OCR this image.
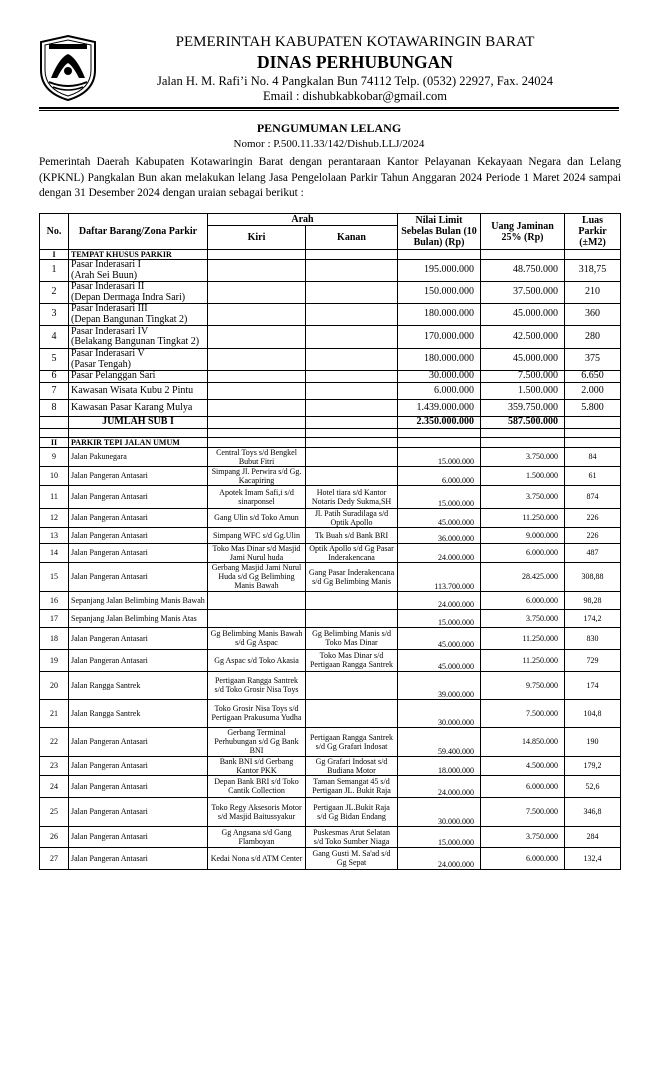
PEMERINTAH KABUPATEN KOTAWARINGIN BARAT
DINAS PERHUBUNGAN
Jalan H. M. Rafi’i No. 4 Pangkalan Bun 74112 Telp. (0532) 22927, Fax. 24024
Email : dishubkabkobar@gmail.com
PENGUMUMAN LELANG
Nomor : P.500.11.33/142/Dishub.LLJ/2024
Pemerintah Daerah Kabupaten Kotawaringin Barat dengan perantaraan Kantor Pelayanan Kekayaan Negara dan Lelang (KPKNL) Pangkalan Bun akan melakukan lelang Jasa Pengelolaan Parkir Tahun Anggaran 2024 Periode 1 Maret 2024 sampai dengan 31 Desember 2024 dengan uraian sebagai berikut :
No.	Daftar Barang/Zona Parkir	Arah		Nilai Limit Sebelas Bulan (10 Bulan) (Rp)	Uang Jaminan 25% (Rp)	Luas Parkir (±M2)
		Kiri	Kanan			
I	TEMPAT KHUSUS PARKIR					
1	Pasar Inderasari I
(Arah Sei Buun)			195.000.000	48.750.000	318,75
2	Pasar Inderasari II
(Depan Dermaga Indra Sari)			150.000.000	37.500.000	210
3	Pasar Inderasari III
(Depan Bangunan Tingkat 2)			180.000.000	45.000.000	360
4	Pasar Inderasari IV
(Belakang Bangunan Tingkat 2)			170.000.000	42.500.000	280
5	Pasar Inderasari V
(Pasar Tengah)			180.000.000	45.000.000	375
6	Pasar Pelanggan Sari			30.000.000	7.500.000	6.650
7	Kawasan Wisata Kubu 2 Pintu			6.000.000	1.500.000	2.000
8	Kawasan Pasar Karang Mulya			1.439.000.000	359.750.000	5.800
	JUMLAH SUB I			2.350.000.000	587.500.000	

II	PARKIR TEPI JALAN UMUM					
9	Jalan Pakunegara	Central Toys s/d Bengkel Bubut Fitri		15.000.000	3.750.000	84
10	Jalan Pangeran Antasari	Simpang Jl. Perwira s/d Gg. Kacapiring		6.000.000	1.500.000	61
11	Jalan Pangeran Antasari	Apotek Imam Safi,i s/d sinarponsel	Hotel tiara s/d Kantor Notaris Dedy Sukma,SH	15.000.000	3.750.000	874
12	Jalan Pangeran Antasari	Gang Ulin s/d Toko Amun	Jl. Patih Suradilaga s/d Optik Apollo	45.000.000	11.250.000	226
13	Jalan Pangeran Antasari	Simpang WFC s/d Gg.Ulin	Tk Buah s/d Bank BRI	36.000.000	9.000.000	226
14	Jalan Pangeran Antasari	Toko Mas Dinar s/d Masjid Jami Nurul huda	Optik Apollo s/d Gg Pasar Inderakencana	24.000.000	6.000.000	487
15	Jalan Pangeran Antasari	Gerbang Masjid Jami Nurul Huda s/d Gg Belimbing Manis Bawah	Gang Pasar Inderakencana s/d Gg Belimbing Manis	113.700.000	28.425.000	308,88
16	Sepanjang Jalan Belimbing Manis Bawah			24.000.000	6.000.000	98,28
17	Sepanjang Jalan Belimbing Manis Atas			15.000.000	3.750.000	174,2
18	Jalan Pangeran Antasari	Gg Belimbing Manis Bawah s/d Gg Aspac	Gg Belimbing Manis s/d Toko Mas Dinar	45.000.000	11.250.000	830
19	Jalan Pangeran Antasari	Gg Aspac s/d Toko Akasia	Toko Mas Dinar s/d Pertigaan Rangga Santrek	45.000.000	11.250.000	729
20	Jalan Rangga Santrek	Pertigaan Rangga Santrek s/d Toko Grosir Nisa Toys		39.000.000	9.750.000	174
21	Jalan Rangga Santrek	Toko Grosir Nisa Toys s/d Pertigaan Prakusuma Yudha		30.000.000	7.500.000	104,8
22	Jalan Pangeran Antasari	Gerbang Terminal Perhubungan s/d Gg Bank BNI	Pertigaan Rangga Santrek s/d Gg Grafari Indosat	59.400.000	14.850.000	190
23	Jalan Pangeran Antasari	Bank BNI s/d Gerbang Kantor PKK	Gg Grafari Indosat s/d Budiana Motor	18.000.000	4.500.000	179,2
24	Jalan Pangeran Antasari	Depan Bank BRI s/d Toko Cantik Collection	Taman Semangat 45 s/d Pertigaan JL. Bukit Raja	24.000.000	6.000.000	52,6
25	Jalan Pangeran Antasari	Toko Regy Aksesoris Motor s/d Masjid Baitussyakur	Pertigaan JL.Bukit Raja s/d Gg Bidan Endang	30.000.000	7.500.000	346,8
26	Jalan Pangeran Antasari	Gg Angsana s/d Gang Flamboyan	Puskesmas Arut Selatan s/d Toko Sumber Niaga	15.000.000	3.750.000	284
27	Jalan Pangeran Antasari	Kedai Nona s/d ATM Center	Gang Gusti M. Sa'ad s/d Gg Sepat	24.000.000	6.000.000	132,4
